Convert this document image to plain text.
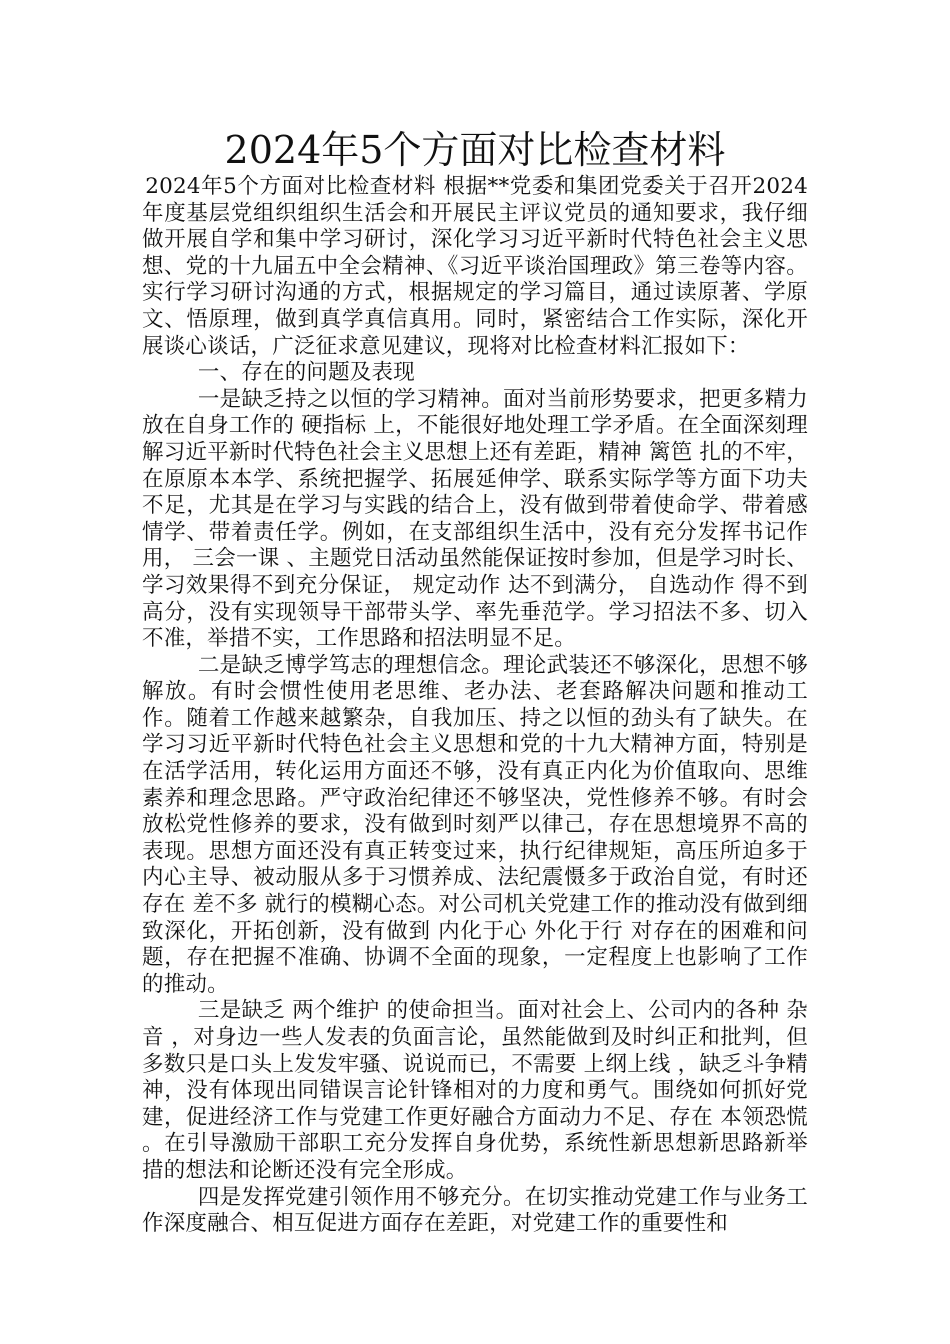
2024年5个方面对比检查材料

2024年5个方面对比检查材料 根据**党委和集团党委关于召开2024年度基层党组织组织生活会和开展民主评议党员的通知要求，我仔细做开展自学和集中学习研讨，深化学习习近平新时代特色社会主义思想、党的十九届五中全会精神、《习近平谈治国理政》第三卷等内容。实行学习研讨沟通的方式，根据规定的学习篇目，通过读原著、学原文、悟原理，做到真学真信真用。同时，紧密结合工作实际，深化开展谈心谈话，广泛征求意见建议，现将对比检查材料汇报如下：

一、存在的问题及表现

一是缺乏持之以恒的学习精神。面对当前形势要求，把更多精力放在自身工作的 硬指标 上，不能很好地处理工学矛盾。在全面深刻理解习近平新时代特色社会主义思想上还有差距，精神 篱笆 扎的不牢，在原原本本学、系统把握学、拓展延伸学、联系实际学等方面下功夫不足，尤其是在学习与实践的结合上，没有做到带着使命学、带着感情学、带着责任学。例如，在支部组织生活中，没有充分发挥书记作用， 三会一课 、主题党日活动虽然能保证按时参加，但是学习时长、学习效果得不到充分保证， 规定动作 达不到满分， 自选动作 得不到高分，没有实现领导干部带头学、率先垂范学。学习招法不多、切入不准，举措不实，工作思路和招法明显不足。

二是缺乏博学笃志的理想信念。理论武装还不够深化，思想不够解放。有时会惯性使用老思维、老办法、老套路解决问题和推动工作。随着工作越来越繁杂，自我加压、持之以恒的劲头有了缺失。在学习习近平新时代特色社会主义思想和党的十九大精神方面，特别是在活学活用，转化运用方面还不够，没有真正内化为价值取向、思维素养和理念思路。严守政治纪律还不够坚决，党性修养不够。有时会放松党性修养的要求，没有做到时刻严以律己，存在思想境界不高的表现。思想方面还没有真正转变过来，执行纪律规矩，高压所迫多于内心主导、被动服从多于习惯养成、法纪震慑多于政治自觉，有时还存在 差不多 就行的模糊心态。对公司机关党建工作的推动没有做到细致深化，开拓创新，没有做到 内化于心 外化于行 对存在的困难和问题，存在把握不准确、协调不全面的现象，一定程度上也影响了工作的推动。

三是缺乏 两个维护 的使命担当。面对社会上、公司内的各种 杂音 ，对身边一些人发表的负面言论，虽然能做到及时纠正和批判，但多数只是口头上发发牢骚、说说而已，不需要 上纲上线 ，缺乏斗争精神，没有体现出同错误言论针锋相对的力度和勇气。围绕如何抓好党建，促进经济工作与党建工作更好融合方面动力不足、存在 本领恐慌 。在引导激励干部职工充分发挥自身优势，系统性新思想新思路新举措的想法和论断还没有完全形成。

四是发挥党建引领作用不够充分。在切实推动党建工作与业务工作深度融合、相互促进方面存在差距，对党建工作的重要性和
